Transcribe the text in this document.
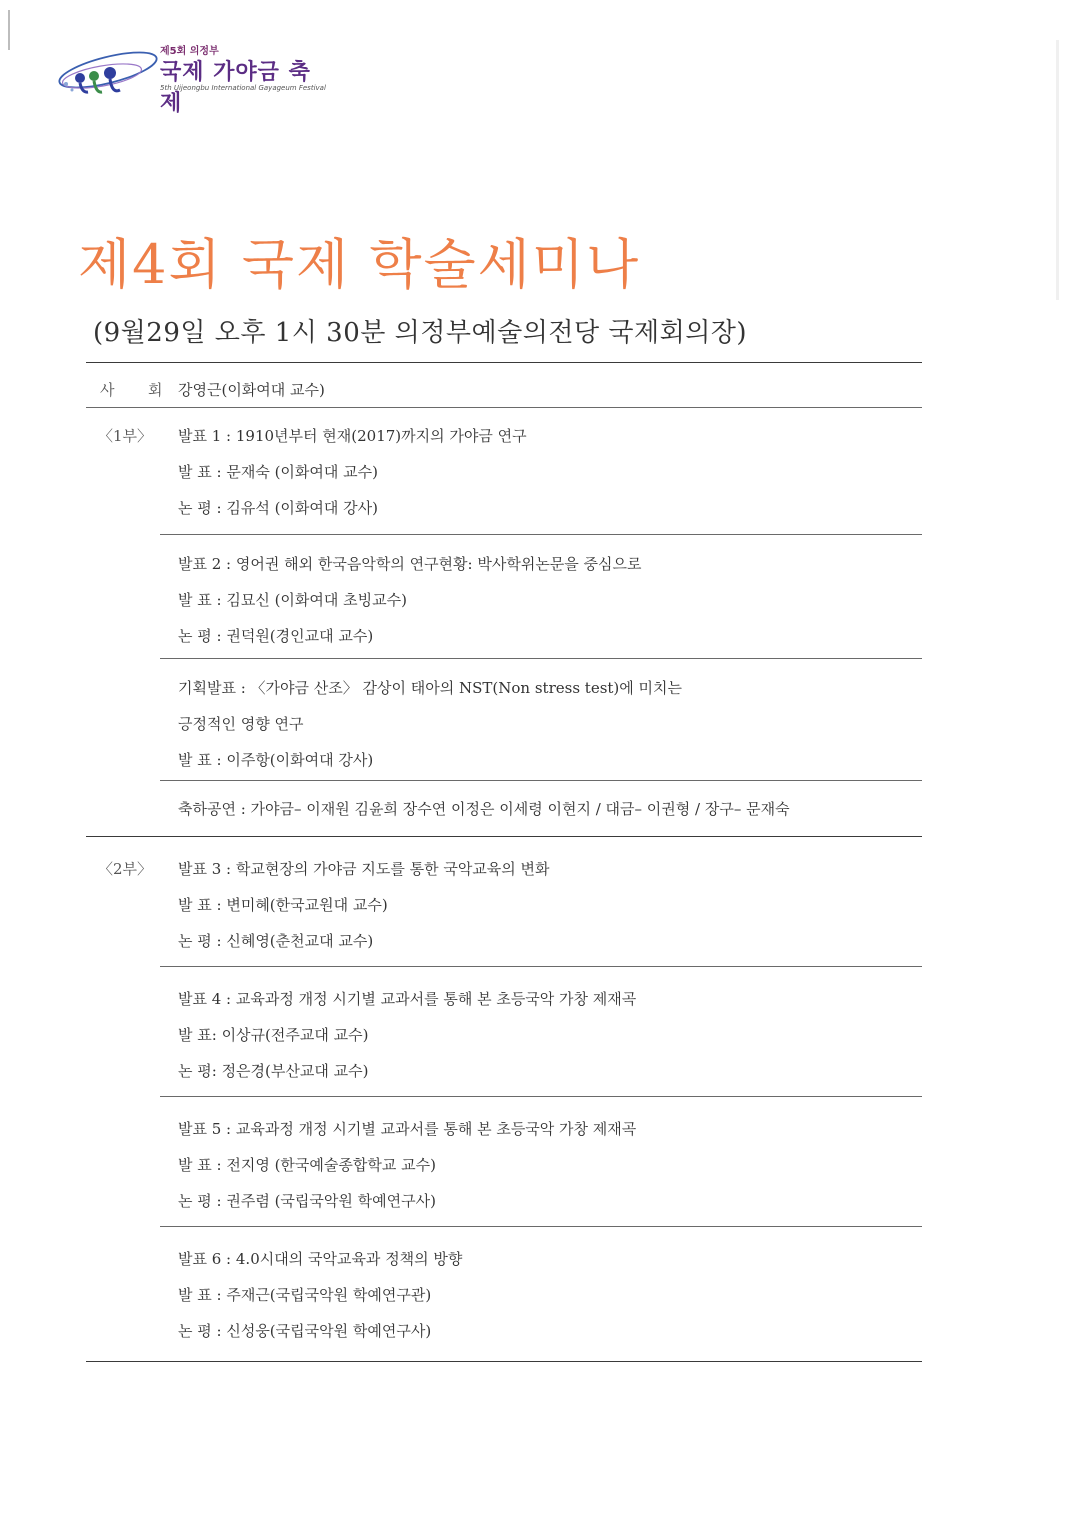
제5회 의정부
국제 가야금 축제
5th Uijeongbu International Gayageum Festival
제4회 국제 학술세미나
(9월29일 오후 1시 30분 의정부예술의전당 국제회의장)
사 회 강영근(이화여대 교수)
〈1부〉 발표 1 : 1910년부터 현재(2017)까지의 가야금 연구
발 표 : 문재숙 (이화여대 교수)
논 평 : 김유석 (이화여대 강사)
발표 2 : 영어권 해외 한국음악학의 연구현황: 박사학위논문을 중심으로
발 표 : 김묘신 (이화여대 초빙교수)
논 평 : 권덕원(경인교대 교수)
기획발표 : 〈가야금 산조〉 감상이 태아의 NST(Non stress test)에 미치는
긍정적인 영향 연구
발 표 : 이주항(이화여대 강사)
축하공연 : 가야금– 이재원 김윤희 장수연 이정은 이세령 이현지 / 대금– 이권형 / 장구– 문재숙
〈2부〉 발표 3 : 학교현장의 가야금 지도를 통한 국악교육의 변화
발 표 : 변미혜(한국교원대 교수)
논 평 : 신혜영(춘천교대 교수)
발표 4 : 교육과정 개정 시기별 교과서를 통해 본 초등국악 가창 제재곡
발 표: 이상규(전주교대 교수)
논 평: 정은경(부산교대 교수)
발표 5 : 교육과정 개정 시기별 교과서를 통해 본 초등국악 가창 제재곡
발 표 : 전지영 (한국예술종합학교 교수)
논 평 : 권주렴 (국립국악원 학예연구사)
발표 6 : 4.0시대의 국악교육과 정책의 방향
발 표 : 주재근(국립국악원 학예연구관)
논 평 : 신성웅(국립국악원 학예연구사)
